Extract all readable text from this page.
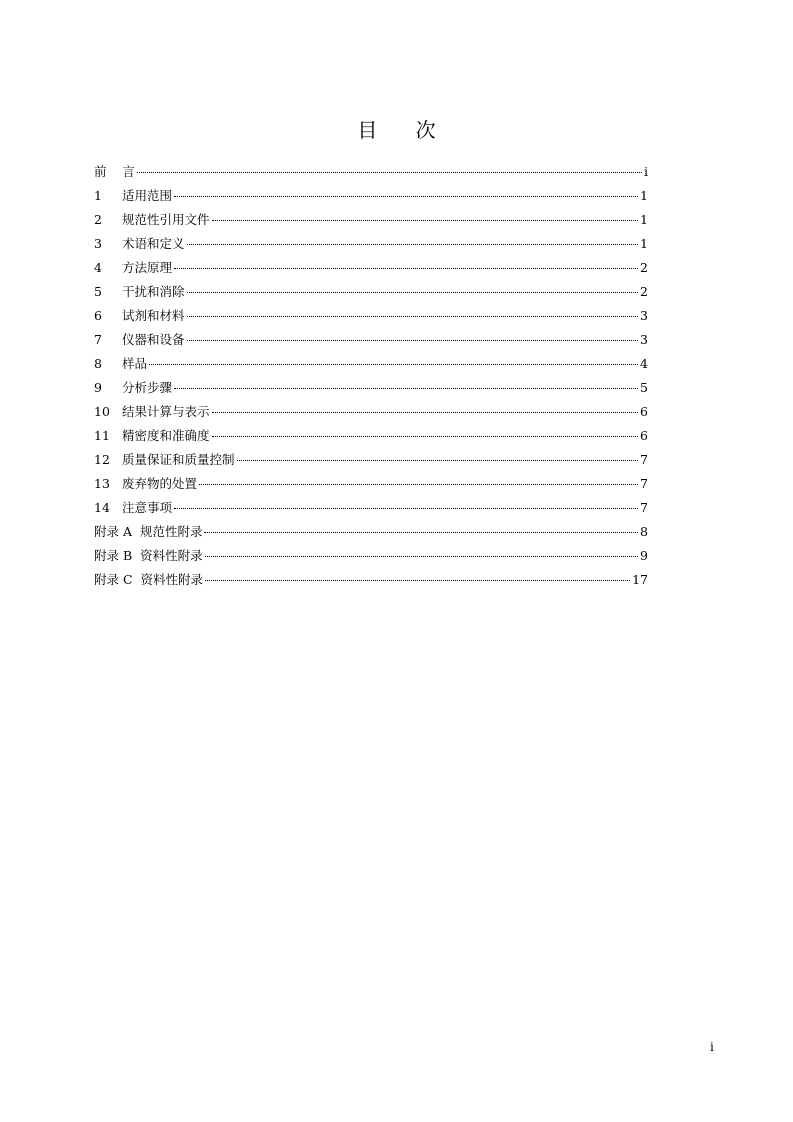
目 次
前    言	i
1	适用范围	1
2	规范性引用文件	1
3	术语和定义	1
4	方法原理	2
5	干扰和消除	2
6	试剂和材料	3
7	仪器和设备	3
8	样品	4
9	分析步骤	5
10 结果计算与表示	6
11 精密度和准确度	6
12 质量保证和质量控制	7
13 废弃物的处置	7
14 注意事项	7
附录 A  规范性附录	8
附录 B  资料性附录	9
附录 C  资料性附录	17
i
